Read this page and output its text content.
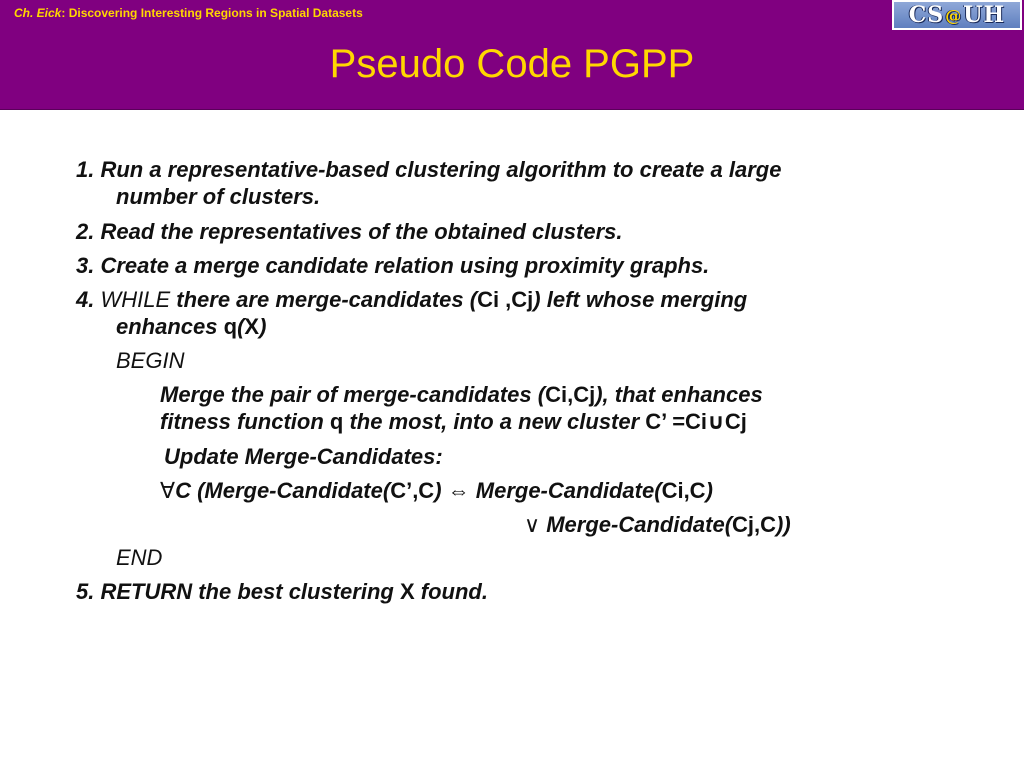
Ch. Eick: Discovering Interesting Regions in Spatial Datasets	CS @ UH
Pseudo Code PGPP
1. Run a representative-based clustering algorithm to create a large
number of clusters.
2. Read the representatives of the obtained clusters.
3. Create a merge candidate relation using proximity graphs.
4. WHILE there are merge-candidates (Ci ,Cj) left whose merging
enhances q(X)
BEGIN
Merge the pair of merge-candidates (Ci,Cj), that enhances
fitness function q the most, into a new cluster C’ =Ci∪Cj
Update Merge-Candidates:
∀C (Merge-Candidate(C’,C) ⇔ Merge-Candidate(Ci,C)
∨ Merge-Candidate(Cj,C))
END
5. RETURN the best clustering X found.
